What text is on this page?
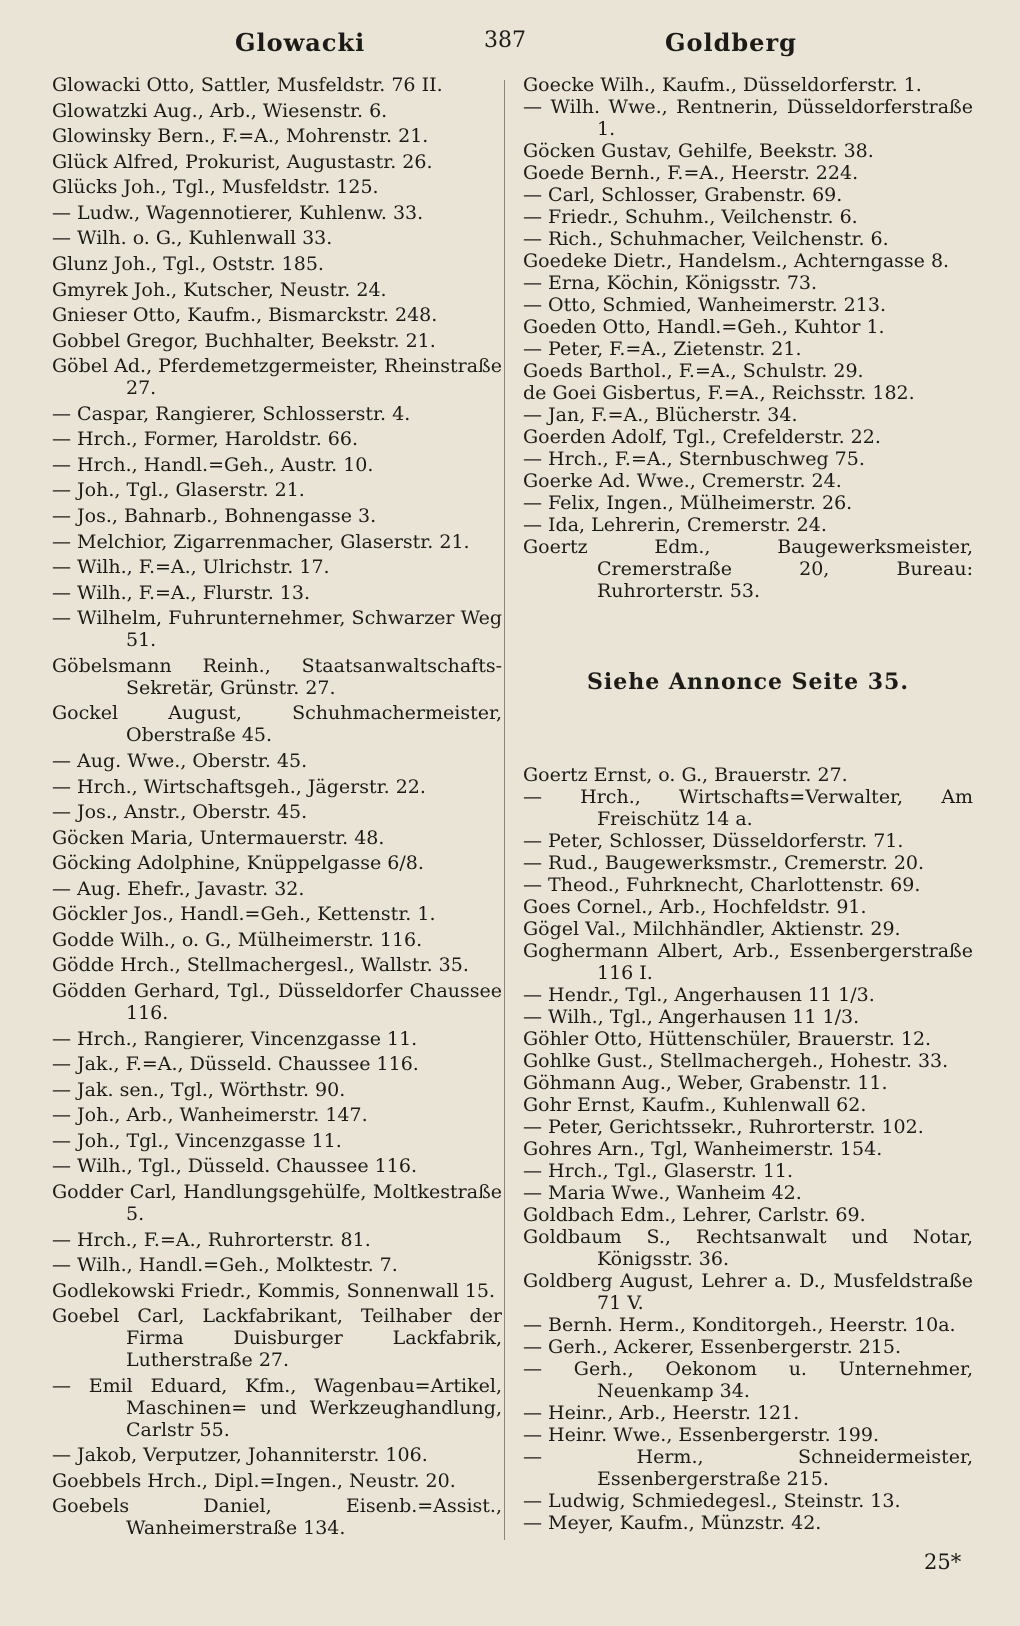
Glowacki	387	Goldberg
Glowacki Otto, Sattler, Musfeldstr. 76 II.
Glowatzki Aug., Arb., Wiesenstr. 6.
Glowinsky Bern., F.=A., Mohrenstr. 21.
Glück Alfred, Prokurist, Augustastr. 26.
Glücks Joh., Tgl., Musfeldstr. 125.
— Ludw., Wagennotierer, Kuhlenw. 33.
— Wilh. o. G., Kuhlenwall 33.
Glunz Joh., Tgl., Oststr. 185.
Gmyrek Joh., Kutscher, Neustr. 24.
Gnieser Otto, Kaufm., Bismarckstr. 248.
Gobbel Gregor, Buchhalter, Beekstr. 21.
Göbel Ad., Pferdemetzgermeister, Rheinstraße 27.
— Caspar, Rangierer, Schlosserstr. 4.
— Hrch., Former, Haroldstr. 66.
— Hrch., Handl.=Geh., Austr. 10.
— Joh., Tgl., Glaserstr. 21.
— Jos., Bahnarb., Bohnengasse 3.
— Melchior, Zigarrenmacher, Glaserstr. 21.
— Wilh., F.=A., Ulrichstr. 17.
— Wilh., F.=A., Flurstr. 13.
— Wilhelm, Fuhrunternehmer, Schwarzer Weg 51.
Göbelsmann Reinh., Staatsanwaltschafts-Sekretär, Grünstr. 27.
Gockel August, Schuhmachermeister, Oberstraße 45.
— Aug. Wwe., Oberstr. 45.
— Hrch., Wirtschaftsgeh., Jägerstr. 22.
— Jos., Anstr., Oberstr. 45.
Göcken Maria, Untermauerstr. 48.
Göcking Adolphine, Knüppelgasse 6/8.
— Aug. Ehefr., Javastr. 32.
Göckler Jos., Handl.=Geh., Kettenstr. 1.
Godde Wilh., o. G., Mülheimerstr. 116.
Gödde Hrch., Stellmachergesl., Wallstr. 35.
Gödden Gerhard, Tgl., Düsseldorfer Chaussee 116.
— Hrch., Rangierer, Vincenzgasse 11.
— Jak., F.=A., Düsseld. Chaussee 116.
— Jak. sen., Tgl., Wörthstr. 90.
— Joh., Arb., Wanheimerstr. 147.
— Joh., Tgl., Vincenzgasse 11.
— Wilh., Tgl., Düsseld. Chaussee 116.
Godder Carl, Handlungsgehülfe, Moltkestraße 5.
— Hrch., F.=A., Ruhrorterstr. 81.
— Wilh., Handl.=Geh., Molktestr. 7.
Godlekowski Friedr., Kommis, Sonnenwall 15.
Goebel Carl, Lackfabrikant, Teilhaber der Firma Duisburger Lackfabrik, Lutherstraße 27.
— Emil Eduard, Kfm., Wagenbau=Artikel, Maschinen= und Werkzeughandlung, Carlstr 55.
— Jakob, Verputzer, Johanniterstr. 106.
Goebbels Hrch., Dipl.=Ingen., Neustr. 20.
Goebels Daniel, Eisenb.=Assist., Wanheimerstraße 134.
Goecke Wilh., Kaufm., Düsseldorferstr. 1.
— Wilh. Wwe., Rentnerin, Düsseldorferstraße 1.
Göcken Gustav, Gehilfe, Beekstr. 38.
Goede Bernh., F.=A., Heerstr. 224.
— Carl, Schlosser, Grabenstr. 69.
— Friedr., Schuhm., Veilchenstr. 6.
— Rich., Schuhmacher, Veilchenstr. 6.
Goedeke Dietr., Handelsm., Achterngasse 8.
— Erna, Köchin, Königsstr. 73.
— Otto, Schmied, Wanheimerstr. 213.
Goeden Otto, Handl.=Geh., Kuhtor 1.
— Peter, F.=A., Zietenstr. 21.
Goeds Barthol., F.=A., Schulstr. 29.
de Goei Gisbertus, F.=A., Reichsstr. 182.
— Jan, F.=A., Blücherstr. 34.
Goerden Adolf, Tgl., Crefelderstr. 22.
— Hrch., F.=A., Sternbuschweg 75.
Goerke Ad. Wwe., Cremerstr. 24.
— Felix, Ingen., Mülheimerstr. 26.
— Ida, Lehrerin, Cremerstr. 24.
Goertz Edm., Baugewerksmeister, Cremerstraße 20, Bureau: Ruhrorterstr. 53.
Siehe Annonce Seite 35.
Goertz Ernst, o. G., Brauerstr. 27.
— Hrch., Wirtschafts=Verwalter, Am Freischütz 14 a.
— Peter, Schlosser, Düsseldorferstr. 71.
— Rud., Baugewerksmstr., Cremerstr. 20.
— Theod., Fuhrknecht, Charlottenstr. 69.
Goes Cornel., Arb., Hochfeldstr. 91.
Gögel Val., Milchhändler, Aktienstr. 29.
Goghermann Albert, Arb., Essenbergerstraße 116 I.
— Hendr., Tgl., Angerhausen 11 1/3.
— Wilh., Tgl., Angerhausen 11 1/3.
Göhler Otto, Hüttenschüler, Brauerstr. 12.
Gohlke Gust., Stellmachergeh., Hohestr. 33.
Göhmann Aug., Weber, Grabenstr. 11.
Gohr Ernst, Kaufm., Kuhlenwall 62.
— Peter, Gerichtssekr., Ruhrorterstr. 102.
Gohres Arn., Tgl, Wanheimerstr. 154.
— Hrch., Tgl., Glaserstr. 11.
— Maria Wwe., Wanheim 42.
Goldbach Edm., Lehrer, Carlstr. 69.
Goldbaum S., Rechtsanwalt und Notar, Königsstr. 36.
Goldberg August, Lehrer a. D., Musfeldstraße 71 V.
— Bernh. Herm., Konditorgeh., Heerstr. 10a.
— Gerh., Ackerer, Essenbergerstr. 215.
— Gerh., Oekonom u. Unternehmer, Neuenkamp 34.
— Heinr., Arb., Heerstr. 121.
— Heinr. Wwe., Essenbergerstr. 199.
— Herm., Schneidermeister, Essenbergerstraße 215.
— Ludwig, Schmiedegesl., Steinstr. 13.
— Meyer, Kaufm., Münzstr. 42.
25*
